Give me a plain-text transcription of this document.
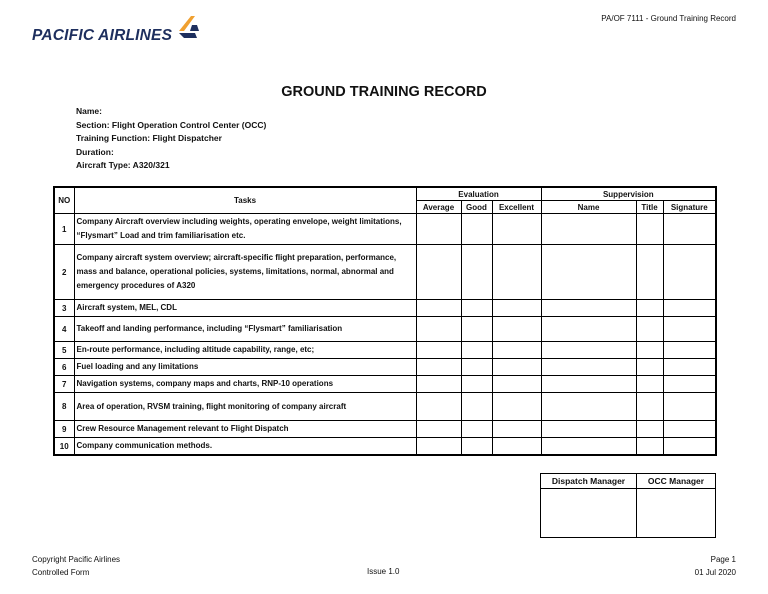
PA/OF 7111 - Ground Training Record
PACIFIC AIRLINES
GROUND TRAINING RECORD
Name:
Section: Flight Operation Control Center (OCC)
Training Function: Flight Dispatcher
Duration:
Aircraft Type: A320/321
NO	Tasks	Evaluation			Suppervision		
		Average	Good	Excellent	Name	Title	Signature
1	Company Aircraft overview including weights, operating envelope, weight limitations, “Flysmart” Load and trim familiarisation etc.						
2	Company aircraft system overview; aircraft-specific flight preparation, performance, mass and balance, operational policies, systems, limitations, normal, abnormal and emergency procedures of A320						
3	Aircraft system, MEL, CDL						
4	Takeoff and landing performance, including “Flysmart” familiarisation						
5	En-route performance, including altitude capability, range, etc;						
6	Fuel loading and any limitations						
7	Navigation systems, company maps and charts, RNP-10 operations						
8	Area of operation, RVSM training, flight monitoring of company aircraft						
9	Crew Resource Management relevant to Flight Dispatch						
10	Company communication methods.						
Dispatch Manager	OCC Manager

Copyright Pacific Airlines
Controlled Form	Issue 1.0
Page 1
01 Jul 2020
